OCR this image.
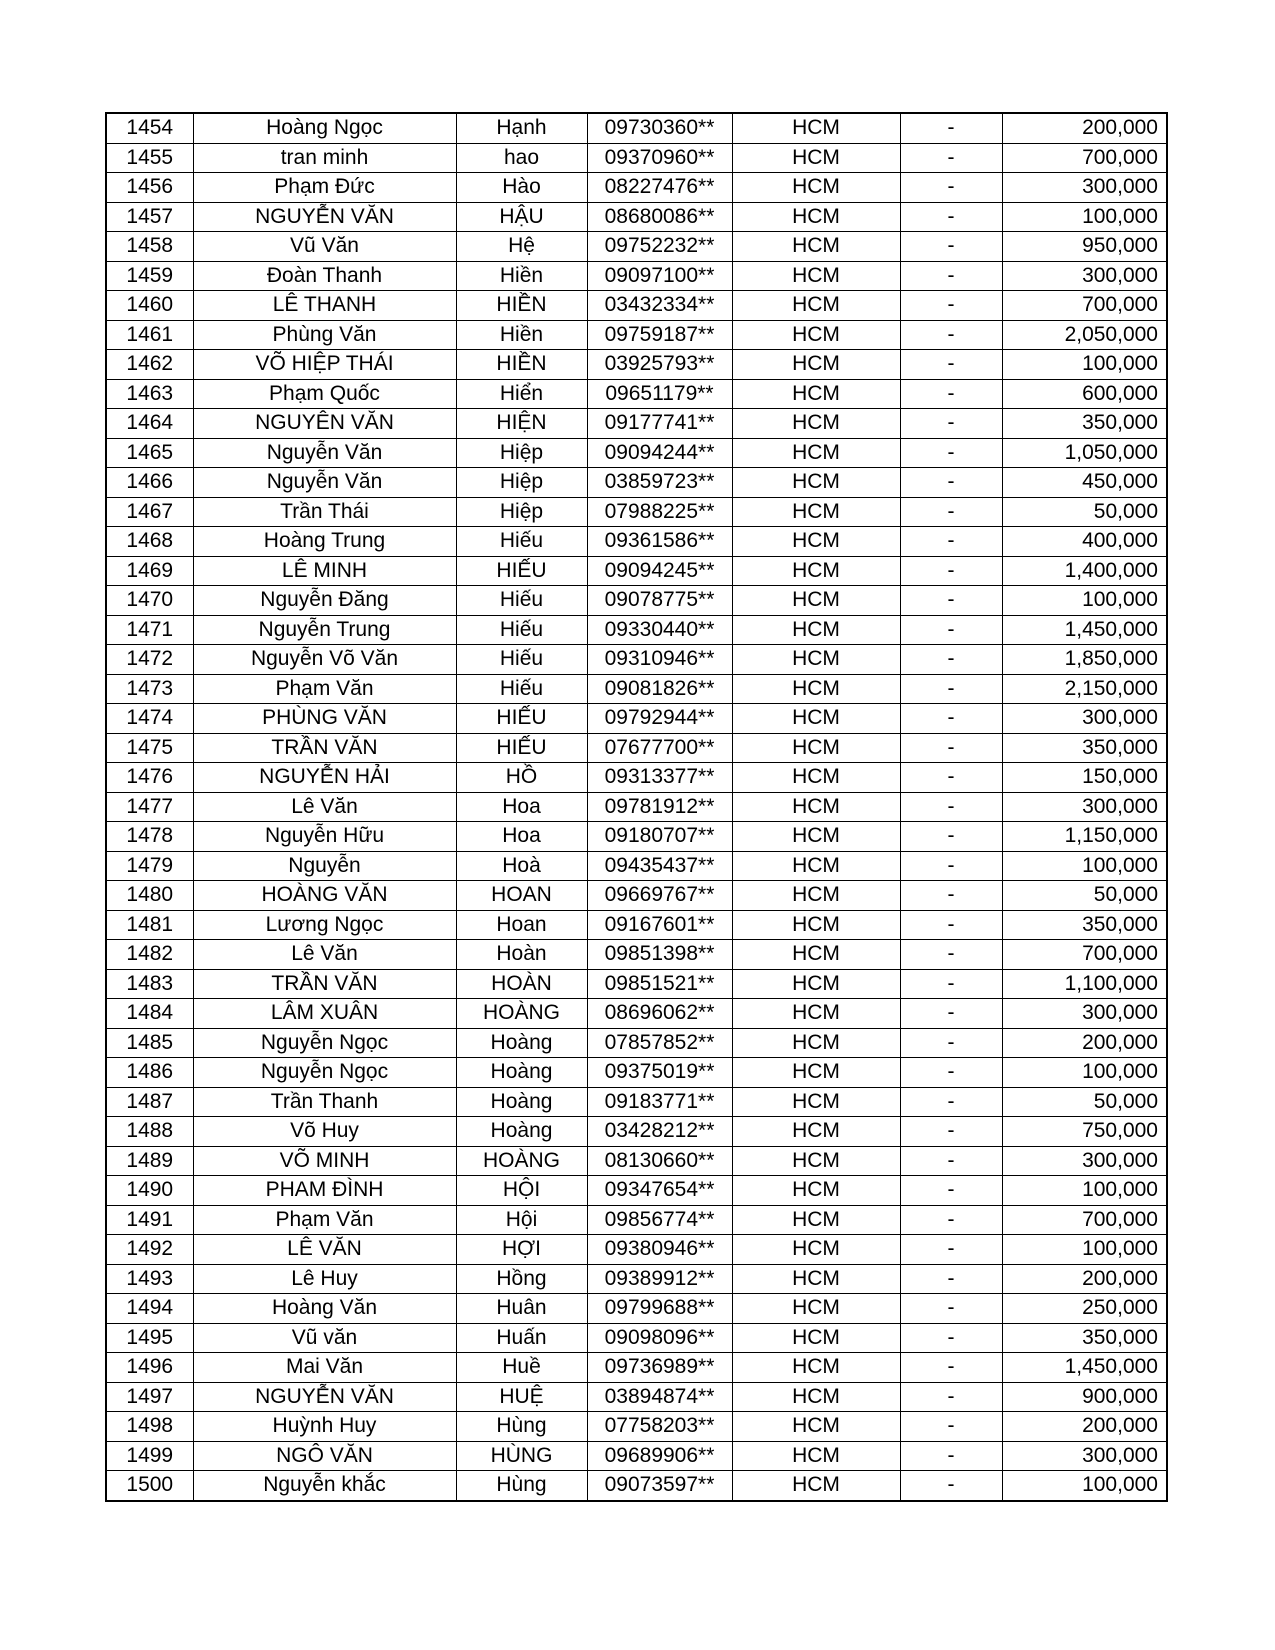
1454	Hoàng Ngọc	Hạnh	09730360**	HCM	-	200,000
1455	tran minh	hao	09370960**	HCM	-	700,000
1456	Phạm Đức	Hào	08227476**	HCM	-	300,000
1457	NGUYỄN VĂN	HẬU	08680086**	HCM	-	100,000
1458	Vũ Văn	Hệ	09752232**	HCM	-	950,000
1459	Đoàn Thanh	Hiền	09097100**	HCM	-	300,000
1460	LÊ THANH	HIỀN	03432334**	HCM	-	700,000
1461	Phùng Văn	Hiền	09759187**	HCM	-	2,050,000
1462	VÕ HIỆP THÁI	HIỀN	03925793**	HCM	-	100,000
1463	Phạm Quốc	Hiển	09651179**	HCM	-	600,000
1464	NGUYÊN VĂN	HIỆN	09177741**	HCM	-	350,000
1465	Nguyễn Văn	Hiệp	09094244**	HCM	-	1,050,000
1466	Nguyễn Văn	Hiệp	03859723**	HCM	-	450,000
1467	Trần Thái	Hiệp	07988225**	HCM	-	50,000
1468	Hoàng Trung	Hiếu	09361586**	HCM	-	400,000
1469	LÊ MINH	HIẾU	09094245**	HCM	-	1,400,000
1470	Nguyễn Đăng	Hiếu	09078775**	HCM	-	100,000
1471	Nguyễn Trung	Hiếu	09330440**	HCM	-	1,450,000
1472	Nguyễn Võ Văn	Hiếu	09310946**	HCM	-	1,850,000
1473	Phạm Văn	Hiếu	09081826**	HCM	-	2,150,000
1474	PHÙNG VĂN	HIẾU	09792944**	HCM	-	300,000
1475	TRẦN VĂN	HIẾU	07677700**	HCM	-	350,000
1476	NGUYỄN HẢI	HỒ	09313377**	HCM	-	150,000
1477	Lê Văn	Hoa	09781912**	HCM	-	300,000
1478	Nguyễn Hữu	Hoa	09180707**	HCM	-	1,150,000
1479	Nguyễn	Hoà	09435437**	HCM	-	100,000
1480	HOÀNG VĂN	HOAN	09669767**	HCM	-	50,000
1481	Lương Ngọc	Hoan	09167601**	HCM	-	350,000
1482	Lê Văn	Hoàn	09851398**	HCM	-	700,000
1483	TRẦN VĂN	HOÀN	09851521**	HCM	-	1,100,000
1484	LÂM XUÂN	HOÀNG	08696062**	HCM	-	300,000
1485	Nguyễn Ngọc	Hoàng	07857852**	HCM	-	200,000
1486	Nguyễn Ngọc	Hoàng	09375019**	HCM	-	100,000
1487	Trần Thanh	Hoàng	09183771**	HCM	-	50,000
1488	Võ Huy	Hoàng	03428212**	HCM	-	750,000
1489	VÕ MINH	HOÀNG	08130660**	HCM	-	300,000
1490	PHAM ĐÌNH	HỘI	09347654**	HCM	-	100,000
1491	Phạm Văn	Hội	09856774**	HCM	-	700,000
1492	LÊ VĂN	HỢI	09380946**	HCM	-	100,000
1493	Lê Huy	Hồng	09389912**	HCM	-	200,000
1494	Hoàng Văn	Huân	09799688**	HCM	-	250,000
1495	Vũ văn	Huấn	09098096**	HCM	-	350,000
1496	Mai Văn	Huề	09736989**	HCM	-	1,450,000
1497	NGUYỄN VĂN	HUỆ	03894874**	HCM	-	900,000
1498	Huỳnh Huy	Hùng	07758203**	HCM	-	200,000
1499	NGÔ VĂN	HÙNG	09689906**	HCM	-	300,000
1500	Nguyễn khắc	Hùng	09073597**	HCM	-	100,000
